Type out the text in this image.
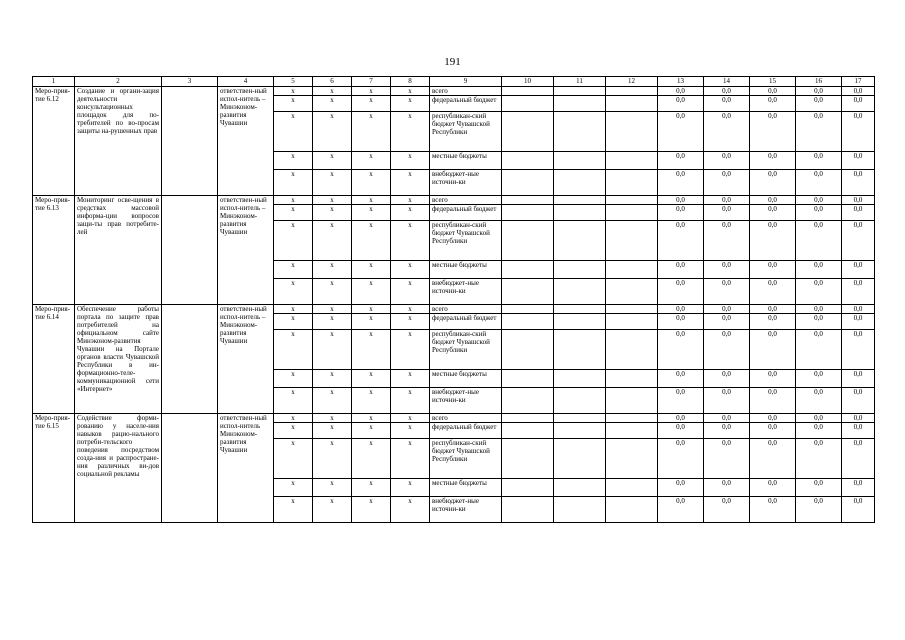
191
1	2	3	4	5	6	7	8	9	10	11	12	13	14	15	16	17
Меро-прия-тие 6.12	Создание и органи-зация деятельности консультационных площадок для по-требителей по во-просам защиты на-рушенных прав		ответствен-ный испол-нитель – Минэконом-развития Чувашии	x	x	x	x	всего				0,0	0,0	0,0	0,0	0,0
				x	x	x	x	федеральный бюджет				0,0	0,0	0,0	0,0	0,0
				x	x	x	x	республикан-ский бюджет Чувашской Республики				0,0	0,0	0,0	0,0	0,0
				x	x	x	x	местные бюджеты				0,0	0,0	0,0	0,0	0,0
				x	x	x	x	внебюджет-ные источни-ки				0,0	0,0	0,0	0,0	0,0
Меро-прия-тие 6.13	Мониторинг осве-щения в средствах массовой информа-ции вопросов защи-ты прав потребите-лей		ответствен-ный испол-нитель – Минэконом-развития Чувашии	x	x	x	x	всего				0,0	0,0	0,0	0,0	0,0
				x	x	x	x	федеральный бюджет				0,0	0,0	0,0	0,0	0,0
				x	x	x	x	республикан-ский бюджет Чувашской Республики				0,0	0,0	0,0	0,0	0,0
				x	x	x	x	местные бюджеты				0,0	0,0	0,0	0,0	0,0
				x	x	x	x	внебюджет-ные источни-ки				0,0	0,0	0,0	0,0	0,0
Меро-прия-тие 6.14	Обеспечение работы портала по защите прав потребителей на официальном сайте Минэконом-развития Чувашии на Портале органов власти Чувашской Республики в ин-формационно-теле-коммуникационной сети «Интернет»		ответствен-ный испол-нитель – Минэконом-развития Чувашии	x	x	x	x	всего				0,0	0,0	0,0	0,0	0,0
				x	x	x	x	федеральный бюджет				0,0	0,0	0,0	0,0	0,0
				x	x	x	x	республикан-ский бюджет Чувашской Республики				0,0	0,0	0,0	0,0	0,0
				x	x	x	x	местные бюджеты				0,0	0,0	0,0	0,0	0,0
				x	x	x	x	внебюджет-ные источни-ки				0,0	0,0	0,0	0,0	0,0
Меро-прия-тие 6.15	Содействие форми-рованию у населе-ния навыков рацио-нального потреби-тельского поведения посредством созда-ния и распростране-ния различных ви-дов социальной рекламы		ответствен-ный испол-нитель Минэконом-развития Чувашии	x	x	x	x	всего				0,0	0,0	0,0	0,0	0,0
				x	x	x	x	федеральный бюджет				0,0	0,0	0,0	0,0	0,0
				x	x	x	x	республикан-ский бюджет Чувашской Республики				0,0	0,0	0,0	0,0	0,0
				x	x	x	x	местные бюджеты				0,0	0,0	0,0	0,0	0,0
				x	x	x	x	внебюджет-ные источни-ки				0,0	0,0	0,0	0,0	0,0
